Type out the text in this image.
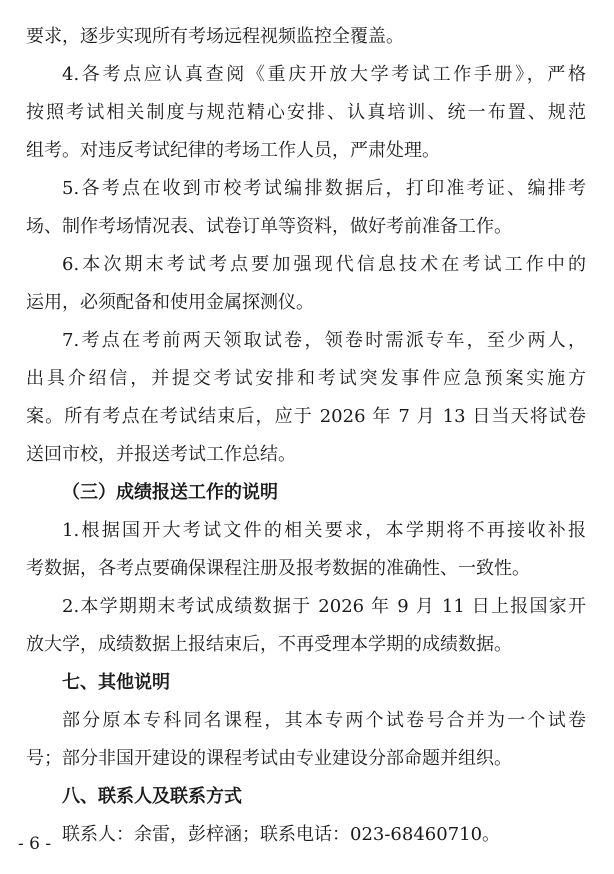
要求，逐步实现所有考场远程视频监控全覆盖。
4.各考点应认真查阅《重庆开放大学考试工作手册》，严格
按照考试相关制度与规范精心安排、认真培训、统一布置、规范
组考。对违反考试纪律的考场工作人员，严肃处理。
5.各考点在收到市校考试编排数据后，打印准考证、编排考
场、制作考场情况表、试卷订单等资料，做好考前准备工作。
6.本次期末考试考点要加强现代信息技术在考试工作中的
运用，必须配备和使用金属探测仪。
7.考点在考前两天领取试卷，领卷时需派专车，至少两人，
出具介绍信，并提交考试安排和考试突发事件应急预案实施方
案。所有考点在考试结束后，应于 2026 年 7 月 13 日当天将试卷
送回市校，并报送考试工作总结。
（三）成绩报送工作的说明
1.根据国开大考试文件的相关要求，本学期将不再接收补报
考数据，各考点要确保课程注册及报考数据的准确性、一致性。
2.本学期期末考试成绩数据于 2026 年 9 月 11 日上报国家开
放大学，成绩数据上报结束后，不再受理本学期的成绩数据。
七、其他说明
部分原本专科同名课程，其本专两个试卷号合并为一个试卷
号；部分非国开建设的课程考试由专业建设分部命题并组织。
八、联系人及联系方式
联系人：余雷，彭梓涵；联系电话：023-68460710。
- 6 -
